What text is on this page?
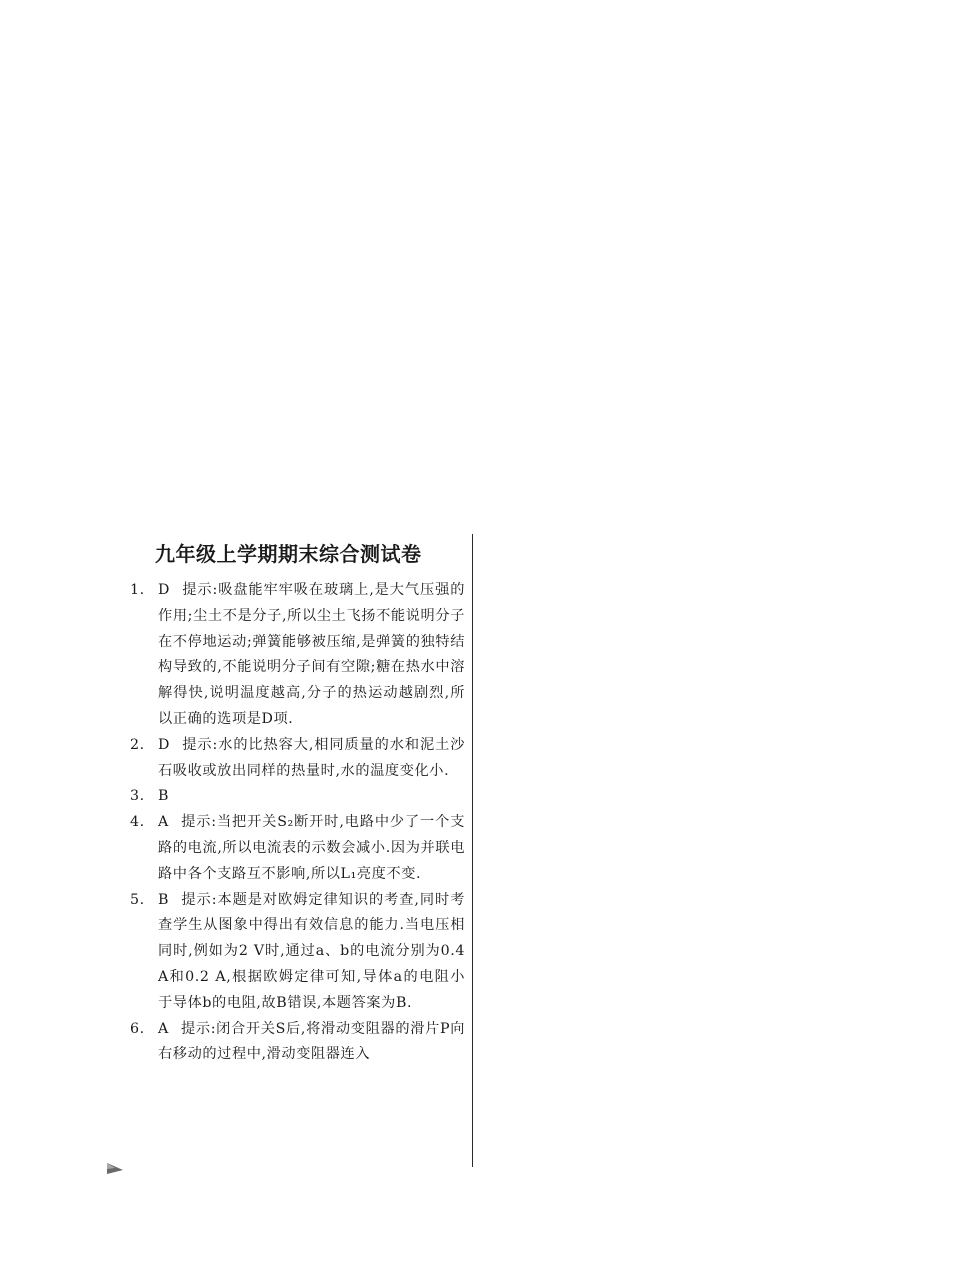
九年级上学期期末综合测试卷
1. D 提示:吸盘能牢牢吸在玻璃上,是大气压强的作用;尘土不是分子,所以尘土飞扬不能说明分子在不停地运动;弹簧能够被压缩,是弹簧的独特结构导致的,不能说明分子间有空隙;糖在热水中溶解得快,说明温度越高,分子的热运动越剧烈,所以正确的选项是D项.
2. D 提示:水的比热容大,相同质量的水和泥土沙石吸收或放出同样的热量时,水的温度变化小.
3. B
4. A 提示:当把开关S₂断开时,电路中少了一个支路的电流,所以电流表的示数会减小.因为并联电路中各个支路互不影响,所以L₁亮度不变.
5. B 提示:本题是对欧姆定律知识的考查,同时考查学生从图象中得出有效信息的能力.当电压相同时,例如为2 V时,通过a、b的电流分别为0.4 A和0.2 A,根据欧姆定律可知,导体a的电阻小于导体b的电阻,故B错误,本题答案为B.
6. A 提示:闭合开关S后,将滑动变阻器的滑片P向右移动的过程中,滑动变阻器连入
